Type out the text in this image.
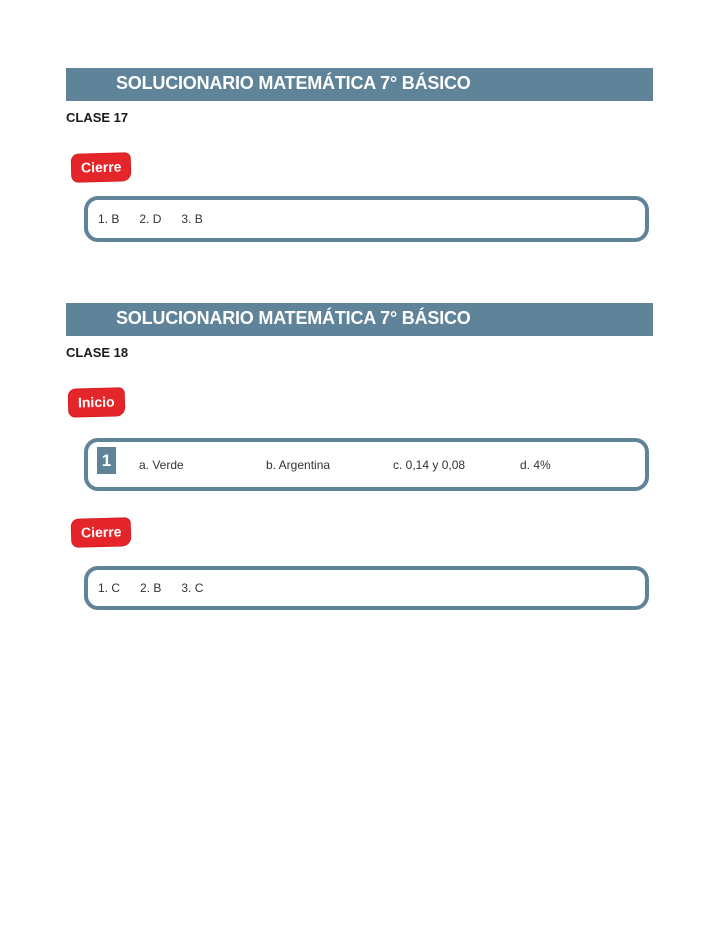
SOLUCIONARIO MATEMÁTICA 7° BÁSICO
CLASE 17
Cierre
1. B 2. D 3. B
SOLUCIONARIO MATEMÁTICA 7° BÁSICO
CLASE 18
Inicio
1	a. Verde	b. Argentina	c. 0,14 y 0,08	d. 4%
Cierre
1. C 2. B 3. C
